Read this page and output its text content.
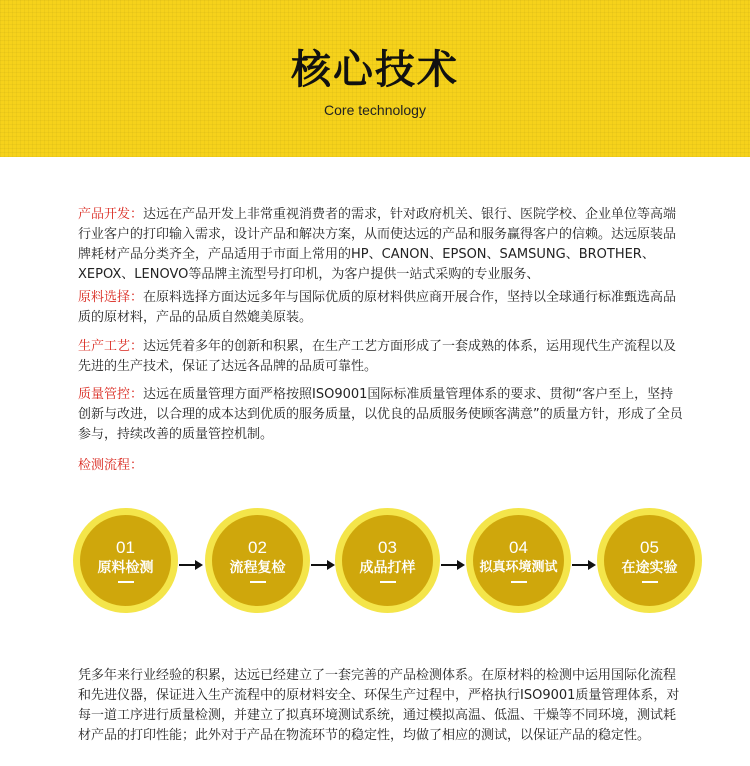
核心技术
Core technology
产品开发：达远在产品开发上非常重视消费者的需求，针对政府机关、银行、医院学校、企业单位等高端行业客户的打印输入需求，设计产品和解决方案，从而使达远的产品和服务赢得客户的信赖。达远原装品牌耗材产品分类齐全，产品适用于市面上常用的HP、CANON、EPSON、SAMSUNG、BROTHER、XEPOX、LENOVO等品牌主流型号打印机，为客户提供一站式采购的专业服务、
原料选择：在原料选择方面达远多年与国际优质的原材料供应商开展合作，坚持以全球通行标准甄选高品质的原材料，产品的品质自然媲美原装。
生产工艺：达远凭着多年的创新和积累，在生产工艺方面形成了一套成熟的体系，运用现代生产流程以及先进的生产技术，保证了达远各品牌的品质可靠性。
质量管控：达远在质量管理方面严格按照ISO9001国际标准质量管理体系的要求、贯彻“客户至上，坚持创新与改进，以合理的成本达到优质的服务质量，以优良的品质服务使顾客满意”的质量方针，形成了全员参与，持续改善的质量管控机制。
检测流程：
01
原料检测
02
流程复检
03
成品打样
04
拟真环境测试
05
在途实验
凭多年来行业经验的积累，达远已经建立了一套完善的产品检测体系。在原材料的检测中运用国际化流程和先进仪器，保证进入生产流程中的原材料安全、环保生产过程中，严格执行ISO9001质量管理体系，对每一道工序进行质量检测，并建立了拟真环境测试系统，通过模拟高温、低温、干燥等不同环境，测试耗材产品的打印性能；此外对于产品在物流环节的稳定性，均做了相应的测试，以保证产品的稳定性。
